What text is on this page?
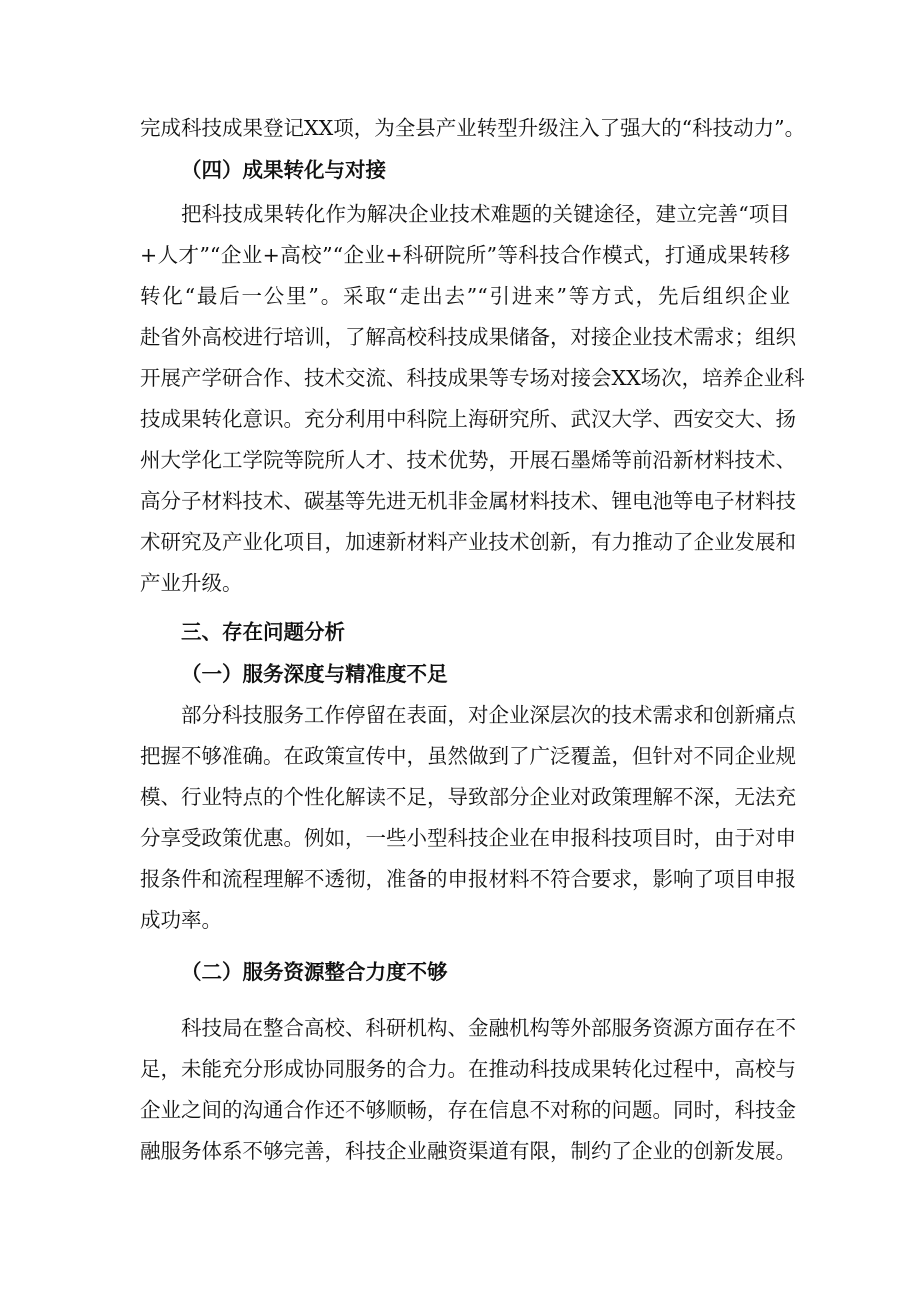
完成科技成果登记XX项，为全县产业转型升级注入了强大的“科技动力”。
（四）成果转化与对接
把科技成果转化作为解决企业技术难题的关键途径，建立完善“项目
+人才”“企业+高校”“企业+科研院所”等科技合作模式，打通成果转移
转化“最后一公里”。采取“走出去”“引进来”等方式，先后组织企业
赴省外高校进行培训，了解高校科技成果储备，对接企业技术需求；组织
开展产学研合作、技术交流、科技成果等专场对接会XX场次，培养企业科
技成果转化意识。充分利用中科院上海研究所、武汉大学、西安交大、扬
州大学化工学院等院所人才、技术优势，开展石墨烯等前沿新材料技术、
高分子材料技术、碳基等先进无机非金属材料技术、锂电池等电子材料技
术研究及产业化项目，加速新材料产业技术创新，有力推动了企业发展和
产业升级。
三、存在问题分析
（一）服务深度与精准度不足
部分科技服务工作停留在表面，对企业深层次的技术需求和创新痛点
把握不够准确。在政策宣传中，虽然做到了广泛覆盖，但针对不同企业规
模、行业特点的个性化解读不足，导致部分企业对政策理解不深，无法充
分享受政策优惠。例如，一些小型科技企业在申报科技项目时，由于对申
报条件和流程理解不透彻，准备的申报材料不符合要求，影响了项目申报
成功率。
（二）服务资源整合力度不够
科技局在整合高校、科研机构、金融机构等外部服务资源方面存在不
足，未能充分形成协同服务的合力。在推动科技成果转化过程中，高校与
企业之间的沟通合作还不够顺畅，存在信息不对称的问题。同时，科技金
融服务体系不够完善，科技企业融资渠道有限，制约了企业的创新发展。
